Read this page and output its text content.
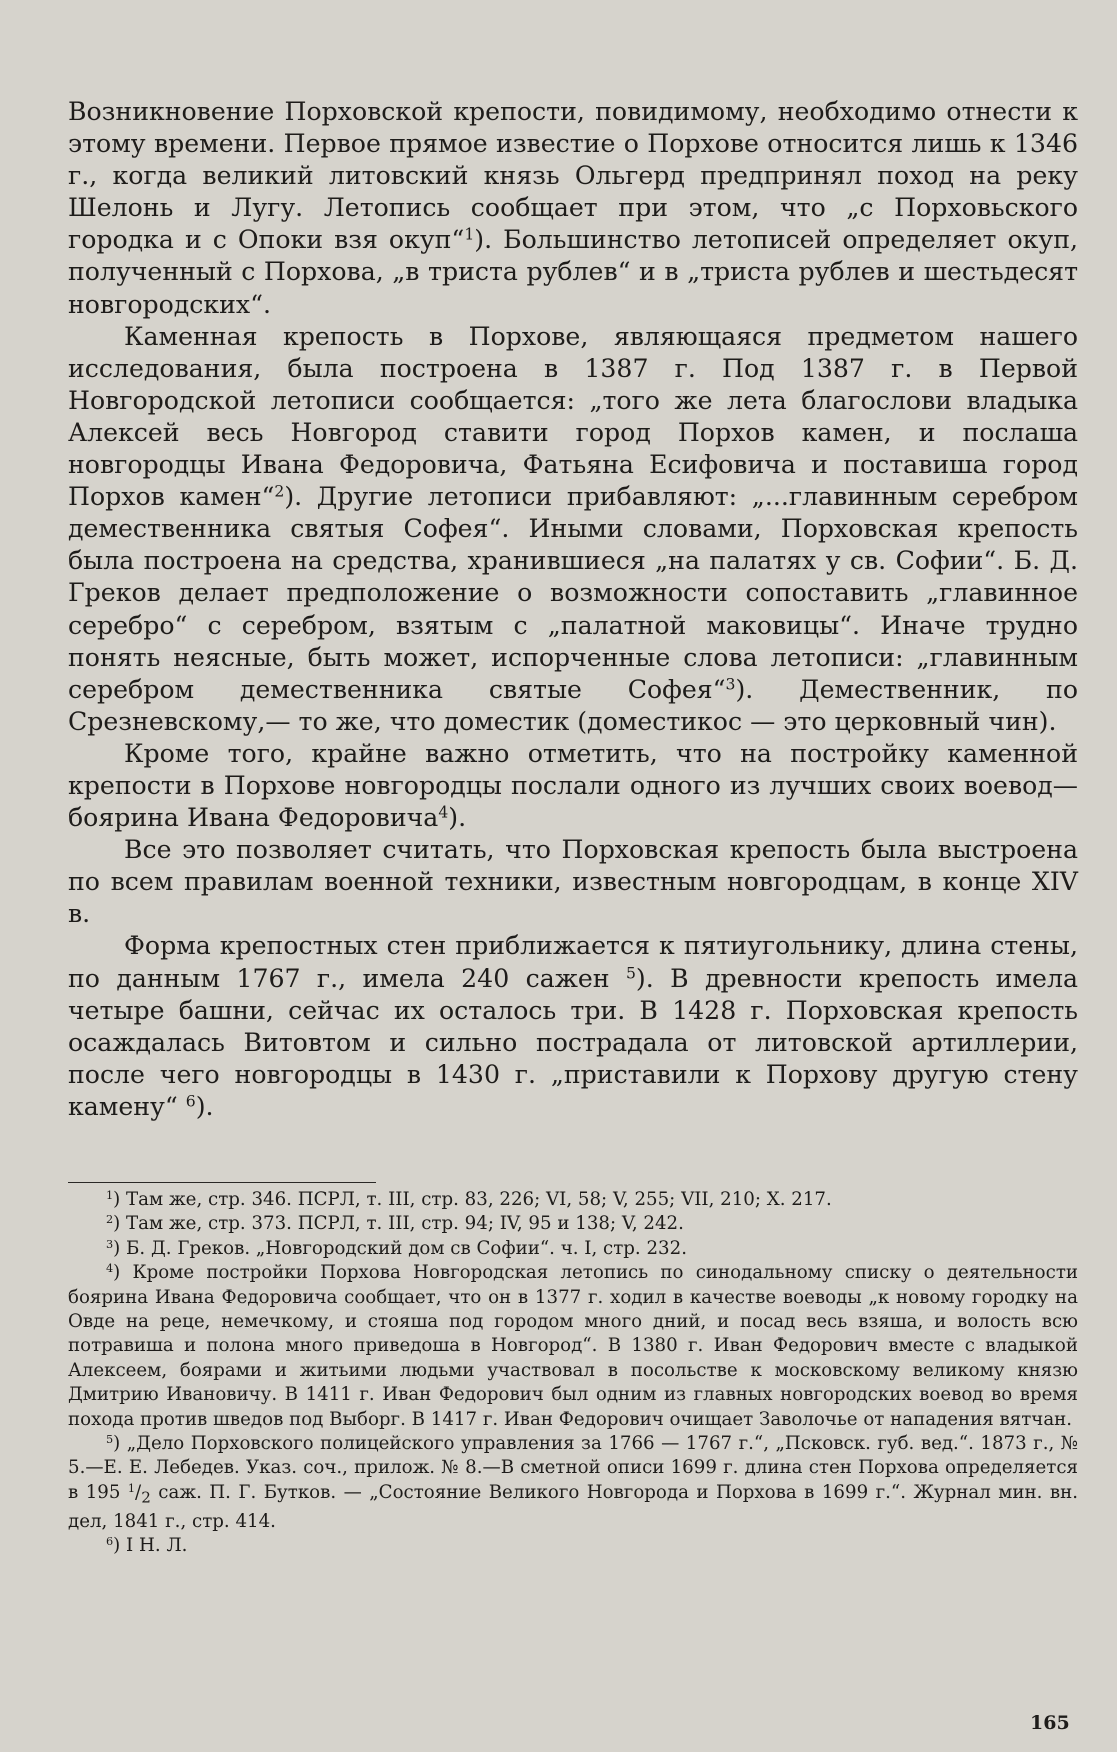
Возникновение Порховской крепости, повидимому, необходимо отнести к этому времени. Первое прямое известие о Порхове относится лишь к 1346 г., когда великий литовский князь Ольгерд предпринял поход на реку Шелонь и Лугу. Летопись сообщает при этом, что „с Порховьского городка и с Опоки взя окуп“$^1$). Большинство летописей определяет окуп, полученный с Порхова, „в триста рублев“ и в „триста рублев и шестьдесят новгородских“.

Каменная крепость в Порхове, являющаяся предметом нашего исследования, была построена в 1387 г. Под 1387 г. в Первой Новгородской летописи сообщается: „того же лета благослови владыка Алексей весь Новгород ставити город Порхов камен, и послаша новгородцы Ивана Федоровича, Фатьяна Есифовича и поставиша город Порхов камен“$^2$). Другие летописи прибавляют: „...главинным серебром демественника святыя Софея“. Иными словами, Порховская крепость была построена на средства, хранившиеся „на палатях у св. Софии“. Б. Д. Греков делает предположение о возможности сопоставить „главинное серебро“ с серебром, взятым с „палатной маковицы“. Иначе трудно понять неясные, быть может, испорченные слова летописи: „главинным серебром демественника святые Софея“$^3$). Демественник, по Срезневскому,— то же, что доместик (доместикос — это церковный чин).

Кроме того, крайне важно отметить, что на постройку каменной крепости в Порхове новгородцы послали одного из лучших своих воевод—боярина Ивана Федоровича$^4$).

Все это позволяет считать, что Порховская крепость была выстроена по всем правилам военной техники, известным новгородцам, в конце XIV в.

Форма крепостных стен приближается к пятиугольнику, длина стены, по данным 1767 г., имела 240 сажен $^5$). В древности крепость имела четыре башни, сейчас их осталось три. В 1428 г. Порховская крепость осаждалась Витовтом и сильно пострадала от литовской артиллерии, после чего новгородцы в 1430 г. „приставили к Порхову другую стену камену“ $^6$).

$^1$) Там же, стр. 346. ПСРЛ, т. III, стр. 83, 226; VI, 58; V, 255; VII, 210; X. 217.

$^2$) Там же, стр. 373. ПСРЛ, т. III, стр. 94; IV, 95 и 138; V, 242.

$^3$) Б. Д. Греков. „Новгородский дом св Софии“. ч. I, стр. 232.

$^4$) Кроме постройки Порхова Новгородская летопись по синодальному списку о деятельности боярина Ивана Федоровича сообщает, что он в 1377 г. ходил в качестве воеводы „к новому городку на Овде на реце, немечкому, и стояша под городом много дний, и посад весь взяша, и волость всю потравиша и полона много приведоша в Новгород“. В 1380 г. Иван Федорович вместе с владыкой Алексеем, боярами и житьими людьми участвовал в посольстве к московскому великому князю Дмитрию Ивановичу. В 1411 г. Иван Федорович был одним из главных новгородских воевод во время похода против шведов под Выборг. В 1417 г. Иван Федорович очищает Заволочье от нападения вятчан.

$^5$) „Дело Порховского полицейского управления за 1766 — 1767 г.“, „Псковск. губ. вед.“. 1873 г., № 5.—Е. Е. Лебедев. Указ. соч., прилож. № 8.—В сметной описи 1699 г. длина стен Порхова определяется в 195 $^1/_2$ саж. П. Г. Бутков. — „Состояние Великого Новгорода и Порхова в 1699 г.“. Журнал мин. вн. дел, 1841 г., стр. 414.

$^6$) I Н. Л.

165
